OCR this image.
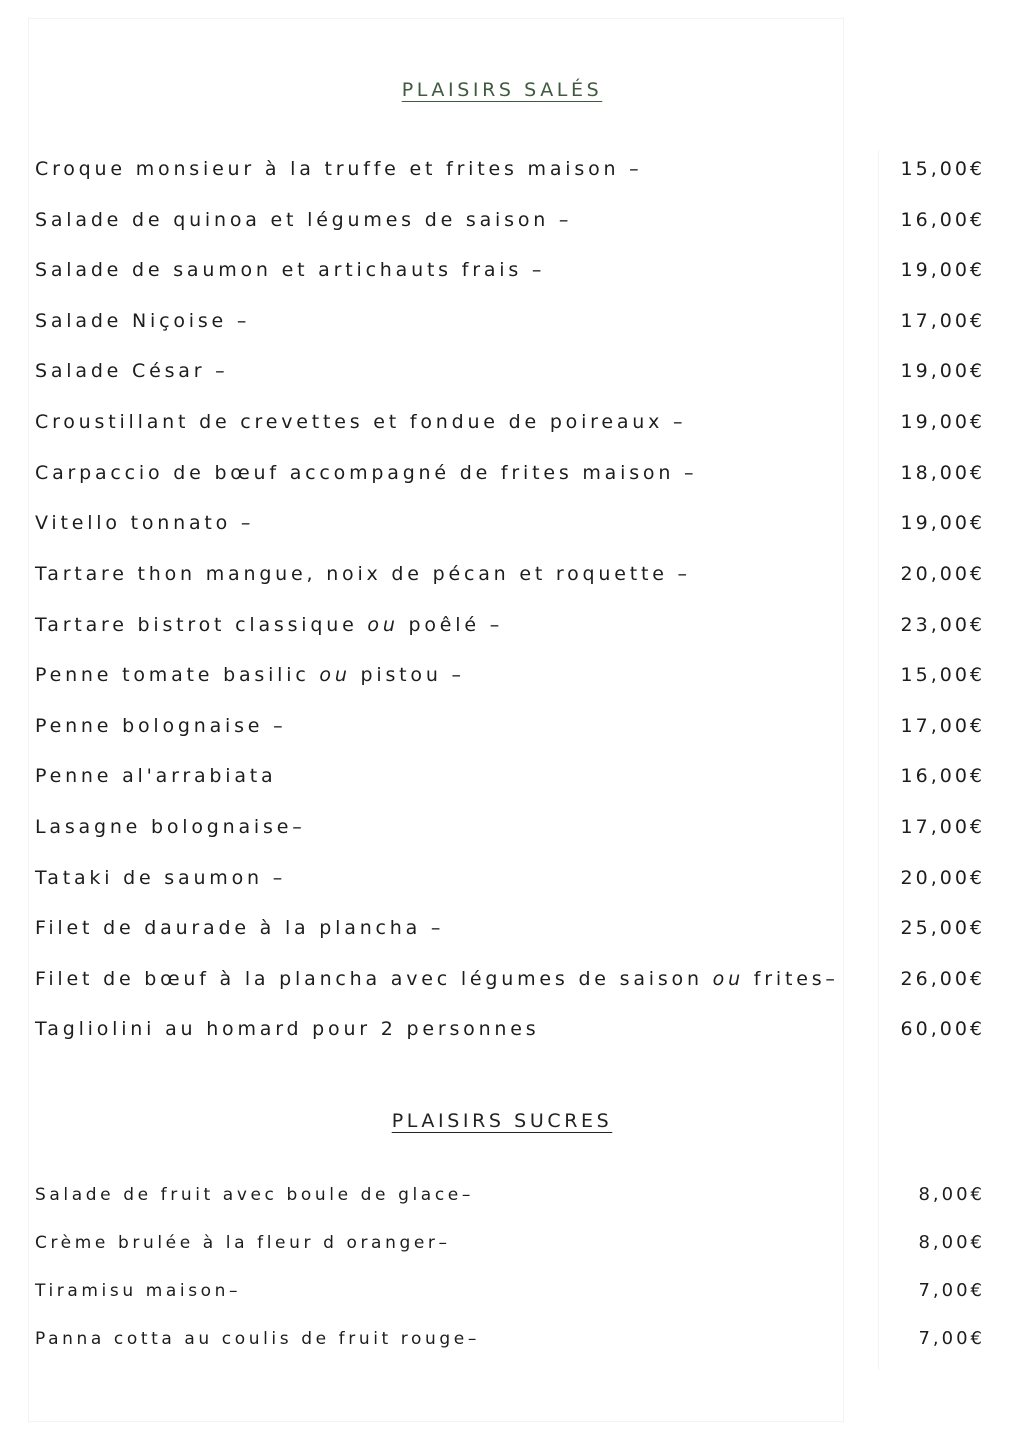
PLAISIRS SALÉS
Croque monsieur à la truffe et frites maison –	15,00€
Salade de quinoa et légumes de saison –	16,00€
Salade de saumon et artichauts frais –	19,00€
Salade Niçoise –	17,00€
Salade César –	19,00€
Croustillant de crevettes et fondue de poireaux –	19,00€
Carpaccio de bœuf accompagné de frites maison –	18,00€
Vitello tonnato –	19,00€
Tartare thon mangue, noix de pécan et roquette –	20,00€
Tartare bistrot classique ou poêlé –	23,00€
Penne tomate basilic ou pistou –	15,00€
Penne bolognaise –	17,00€
Penne al'arrabiata	16,00€
Lasagne bolognaise–	17,00€
Tataki de saumon –	20,00€
Filet de daurade à la plancha –	25,00€
Filet de bœuf à la plancha avec légumes de saison ou frites–	26,00€
Tagliolini au homard pour 2 personnes	60,00€
PLAISIRS SUCRES
Salade de fruit avec boule de glace–	8,00€
Crème brulée à la fleur d oranger–	8,00€
Tiramisu maison–	7,00€
Panna cotta au coulis de fruit rouge–	7,00€
